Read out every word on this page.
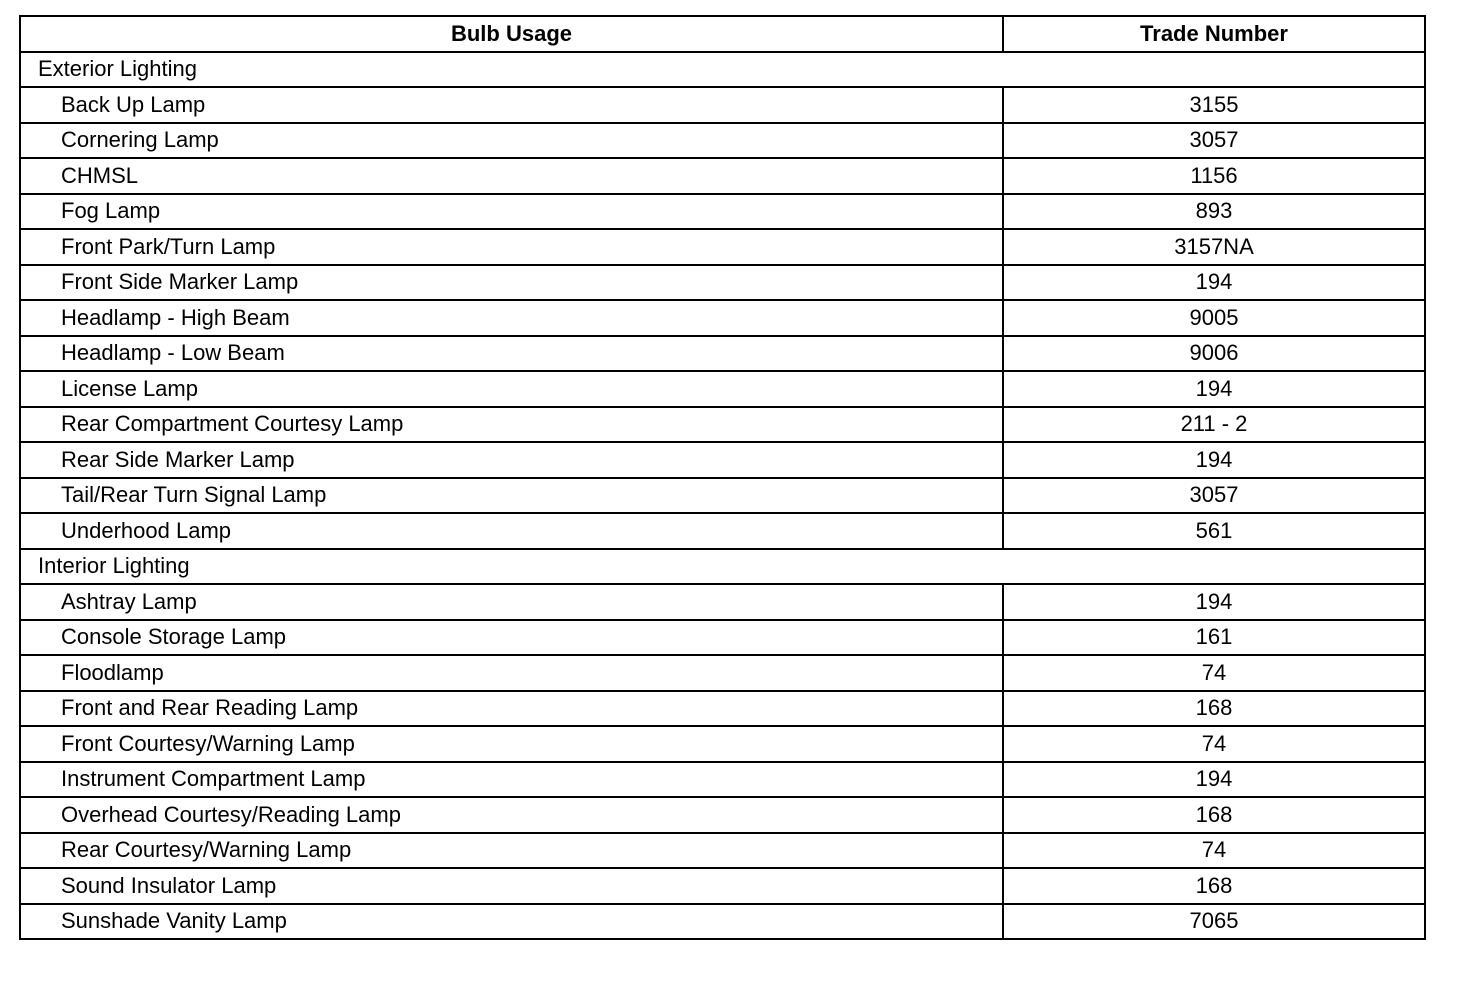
Bulb Usage	Trade Number
Exterior Lighting	
Back Up Lamp	3155
Cornering Lamp	3057
CHMSL	1156
Fog Lamp	893
Front Park/Turn Lamp	3157NA
Front Side Marker Lamp	194
Headlamp - High Beam	9005
Headlamp - Low Beam	9006
License Lamp	194
Rear Compartment Courtesy Lamp	211 - 2
Rear Side Marker Lamp	194
Tail/Rear Turn Signal Lamp	3057
Underhood Lamp	561
Interior Lighting	
Ashtray Lamp	194
Console Storage Lamp	161
Floodlamp	74
Front and Rear Reading Lamp	168
Front Courtesy/Warning Lamp	74
Instrument Compartment Lamp	194
Overhead Courtesy/Reading Lamp	168
Rear Courtesy/Warning Lamp	74
Sound Insulator Lamp	168
Sunshade Vanity Lamp	7065
